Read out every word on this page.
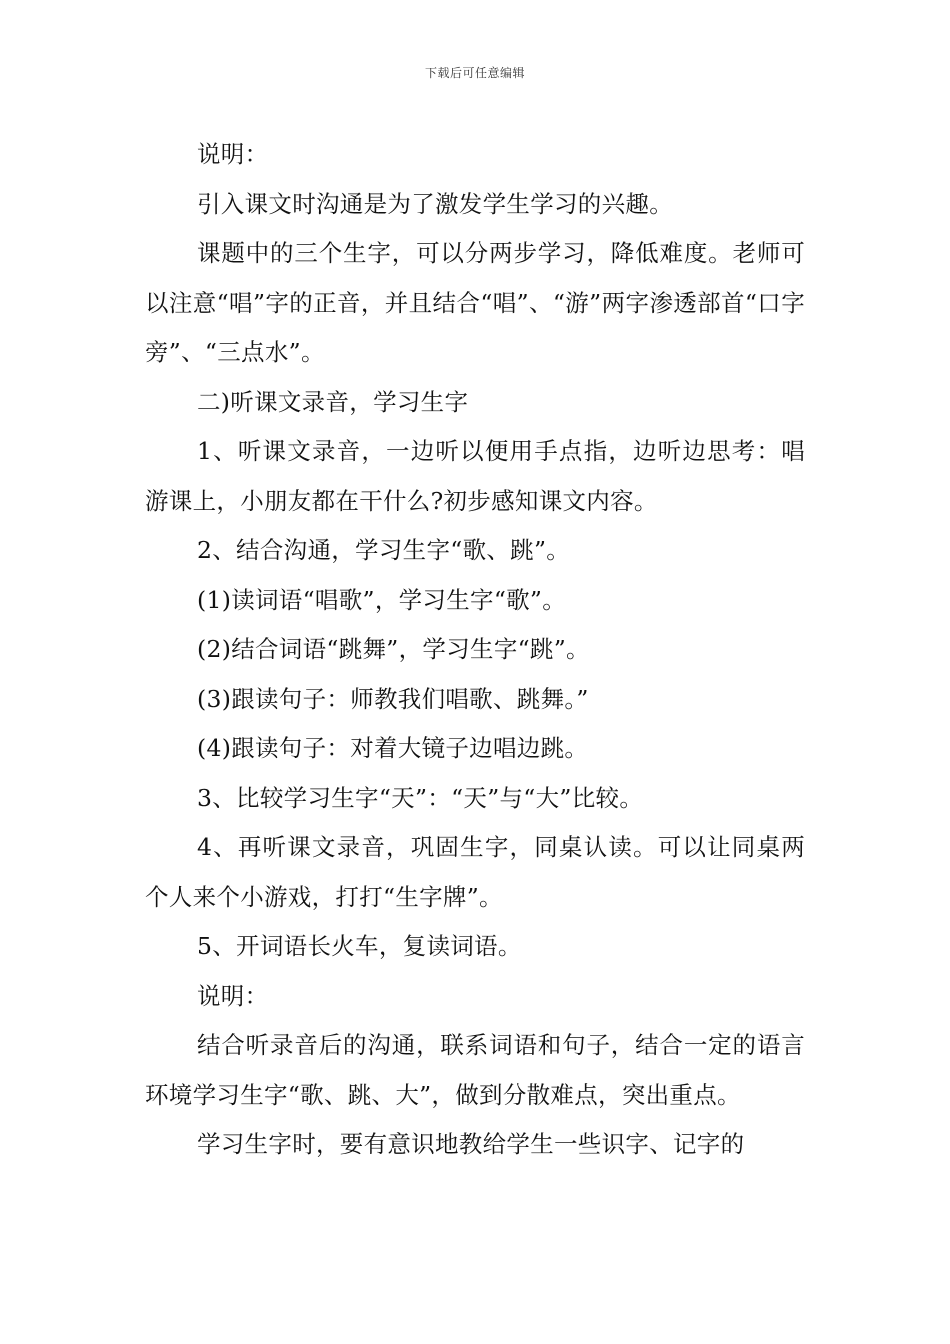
下载后可任意编辑

说明：

引入课文时沟通是为了激发学生学习的兴趣。

课题中的三个生字，可以分两步学习，降低难度。老师可以注意“唱”字的正音，并且结合“唱”、“游”两字渗透部首“口字旁”、“三点水”。

二)听课文录音，学习生字

1、听课文录音，一边听以便用手点指，边听边思考：唱游课上，小朋友都在干什么?初步感知课文内容。

2、结合沟通，学习生字“歌、跳”。

(1)读词语“唱歌”，学习生字“歌”。

(2)结合词语“跳舞”，学习生字“跳”。

(3)跟读句子：师教我们唱歌、跳舞。”

(4)跟读句子：对着大镜子边唱边跳。

3、比较学习生字“天”：“天”与“大”比较。

4、再听课文录音，巩固生字，同桌认读。可以让同桌两个人来个小游戏，打打“生字牌”。

5、开词语长火车，复读词语。

说明：

结合听录音后的沟通，联系词语和句子，结合一定的语言环境学习生字“歌、跳、大”，做到分散难点，突出重点。

学习生字时，要有意识地教给学生一些识字、记字的
